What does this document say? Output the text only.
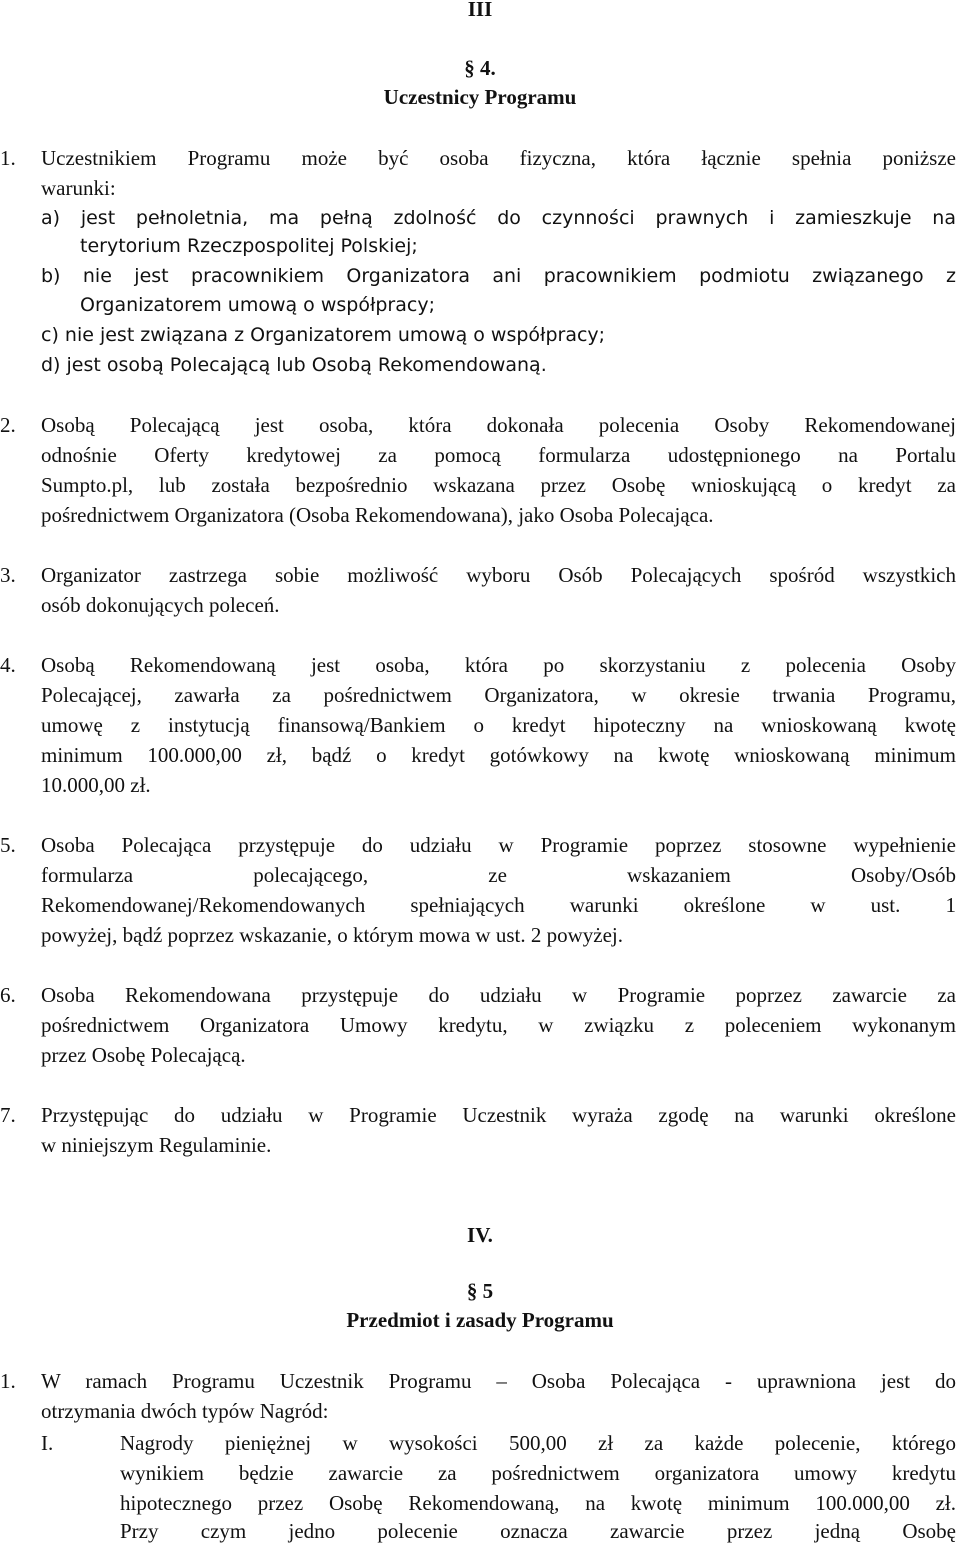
III
§ 4.
Uczestnicy Programu
1. Uczestnikiem Programu może być osoba fizyczna, która łącznie spełnia poniższe
warunki:
a) jest pełnoletnia, ma pełną zdolność do czynności prawnych i zamieszkuje na
terytorium Rzeczpospolitej Polskiej;
b) nie jest pracownikiem Organizatora ani pracownikiem podmiotu związanego z
Organizatorem umową o współpracy;
c) nie jest związana z Organizatorem umową o współpracy;
d) jest osobą Polecającą lub Osobą Rekomendowaną.
2. Osobą Polecającą jest osoba, która dokonała polecenia Osoby Rekomendowanej
odnośnie Oferty kredytowej za pomocą formularza udostępnionego na Portalu
Sumpto.pl, lub została bezpośrednio wskazana przez Osobę wnioskującą o kredyt za
pośrednictwem Organizatora (Osoba Rekomendowana), jako Osoba Polecająca.
3. Organizator zastrzega sobie możliwość wyboru Osób Polecających spośród wszystkich
osób dokonujących poleceń.
4. Osobą Rekomendowaną jest osoba, która po skorzystaniu z polecenia Osoby
Polecającej, zawarła za pośrednictwem Organizatora, w okresie trwania Programu,
umowę z instytucją finansową/Bankiem o kredyt hipoteczny na wnioskowaną kwotę
minimum 100.000,00 zł, bądź o kredyt gotówkowy na kwotę wnioskowaną minimum
10.000,00 zł.
5. Osoba Polecająca przystępuje do udziału w Programie poprzez stosowne wypełnienie
formularza polecającego, ze wskazaniem Osoby/Osób
Rekomendowanej/Rekomendowanych spełniających warunki określone w ust. 1
powyżej, bądź poprzez wskazanie, o którym mowa w ust. 2 powyżej.
6. Osoba Rekomendowana przystępuje do udziału w Programie poprzez zawarcie za
pośrednictwem Organizatora Umowy kredytu, w związku z poleceniem wykonanym
przez Osobę Polecającą.
7. Przystępując do udziału w Programie Uczestnik wyraża zgodę na warunki określone
w niniejszym Regulaminie.
IV.
§ 5
Przedmiot i zasady Programu
1. W ramach Programu Uczestnik Programu – Osoba Polecająca - uprawniona jest do
otrzymania dwóch typów Nagród:
I.	Nagrody pieniężnej w wysokości 500,00 zł za każde polecenie, którego
wynikiem będzie zawarcie za pośrednictwem organizatora umowy kredytu
hipotecznego przez Osobę Rekomendowaną, na kwotę minimum 100.000,00 zł.
Przy czym jedno polecenie oznacza zawarcie przez jedną Osobę
